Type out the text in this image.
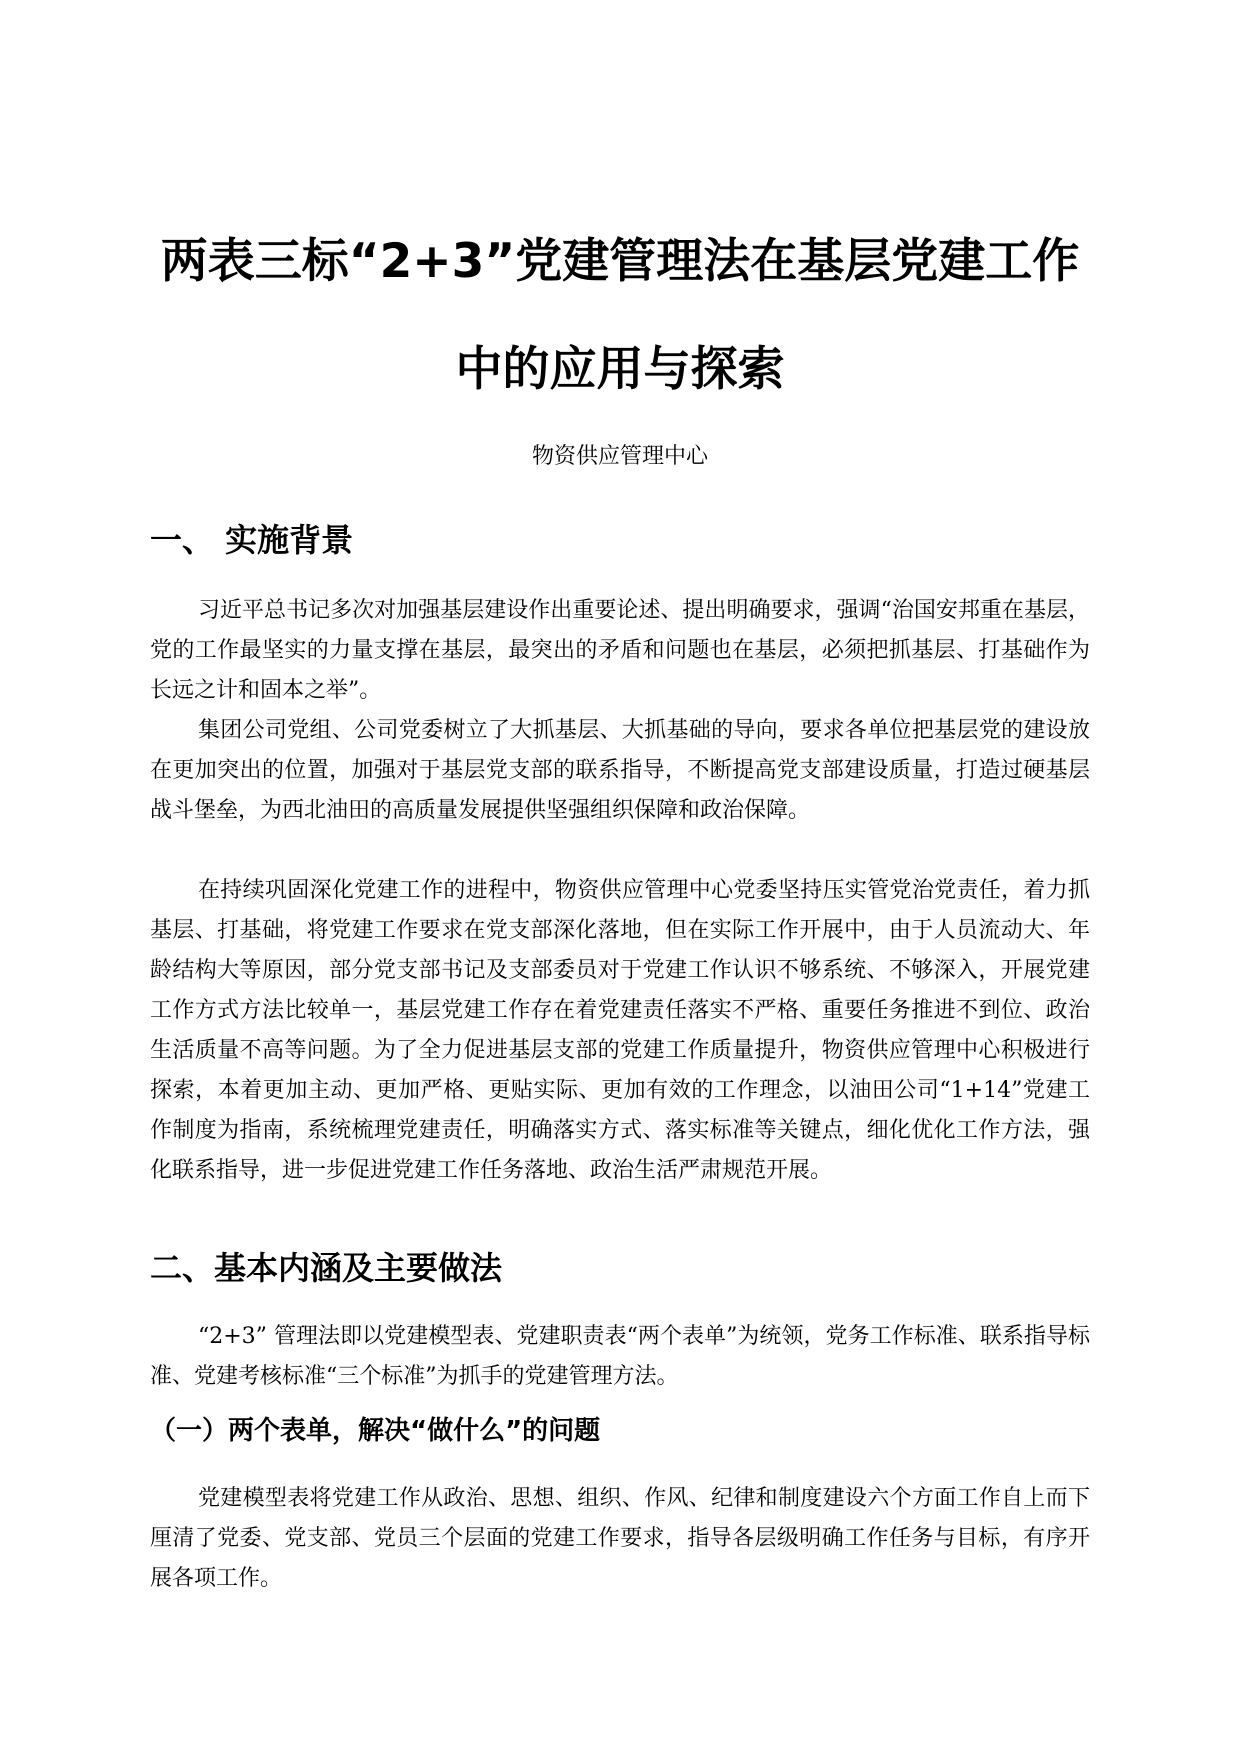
两表三标“2+3”党建管理法在基层党建工作
中的应用与探索
物资供应管理中心
一、 实施背景

习近平总书记多次对加强基层建设作出重要论述、提出明确要求，强调“治国安邦重在基层，党的工作最坚实的力量支撑在基层，最突出的矛盾和问题也在基层，必须把抓基层、打基础作为长远之计和固本之举”。

集团公司党组、公司党委树立了大抓基层、大抓基础的导向，要求各单位把基层党的建设放在更加突出的位置，加强对于基层党支部的联系指导，不断提高党支部建设质量，打造过硬基层战斗堡垒，为西北油田的高质量发展提供坚强组织保障和政治保障。

在持续巩固深化党建工作的进程中，物资供应管理中心党委坚持压实管党治党责任，着力抓基层、打基础，将党建工作要求在党支部深化落地，但在实际工作开展中，由于人员流动大、年龄结构大等原因，部分党支部书记及支部委员对于党建工作认识不够系统、不够深入，开展党建工作方式方法比较单一，基层党建工作存在着党建责任落实不严格、重要任务推进不到位、政治生活质量不高等问题。为了全力促进基层支部的党建工作质量提升，物资供应管理中心积极进行探索，本着更加主动、更加严格、更贴实际、更加有效的工作理念，以油田公司“1+14”党建工作制度为指南，系统梳理党建责任，明确落实方式、落实标准等关键点，细化优化工作方法，强化联系指导，进一步促进党建工作任务落地、政治生活严肃规范开展。

二、基本内涵及主要做法

“2+3” 管理法即以党建模型表、党建职责表“两个表单”为统领，党务工作标准、联系指导标准、党建考核标准“三个标准”为抓手的党建管理方法。

（一）两个表单，解决“做什么”的问题

党建模型表将党建工作从政治、思想、组织、作风、纪律和制度建设六个方面工作自上而下厘清了党委、党支部、党员三个层面的党建工作要求，指导各层级明确工作任务与目标，有序开展各项工作。
